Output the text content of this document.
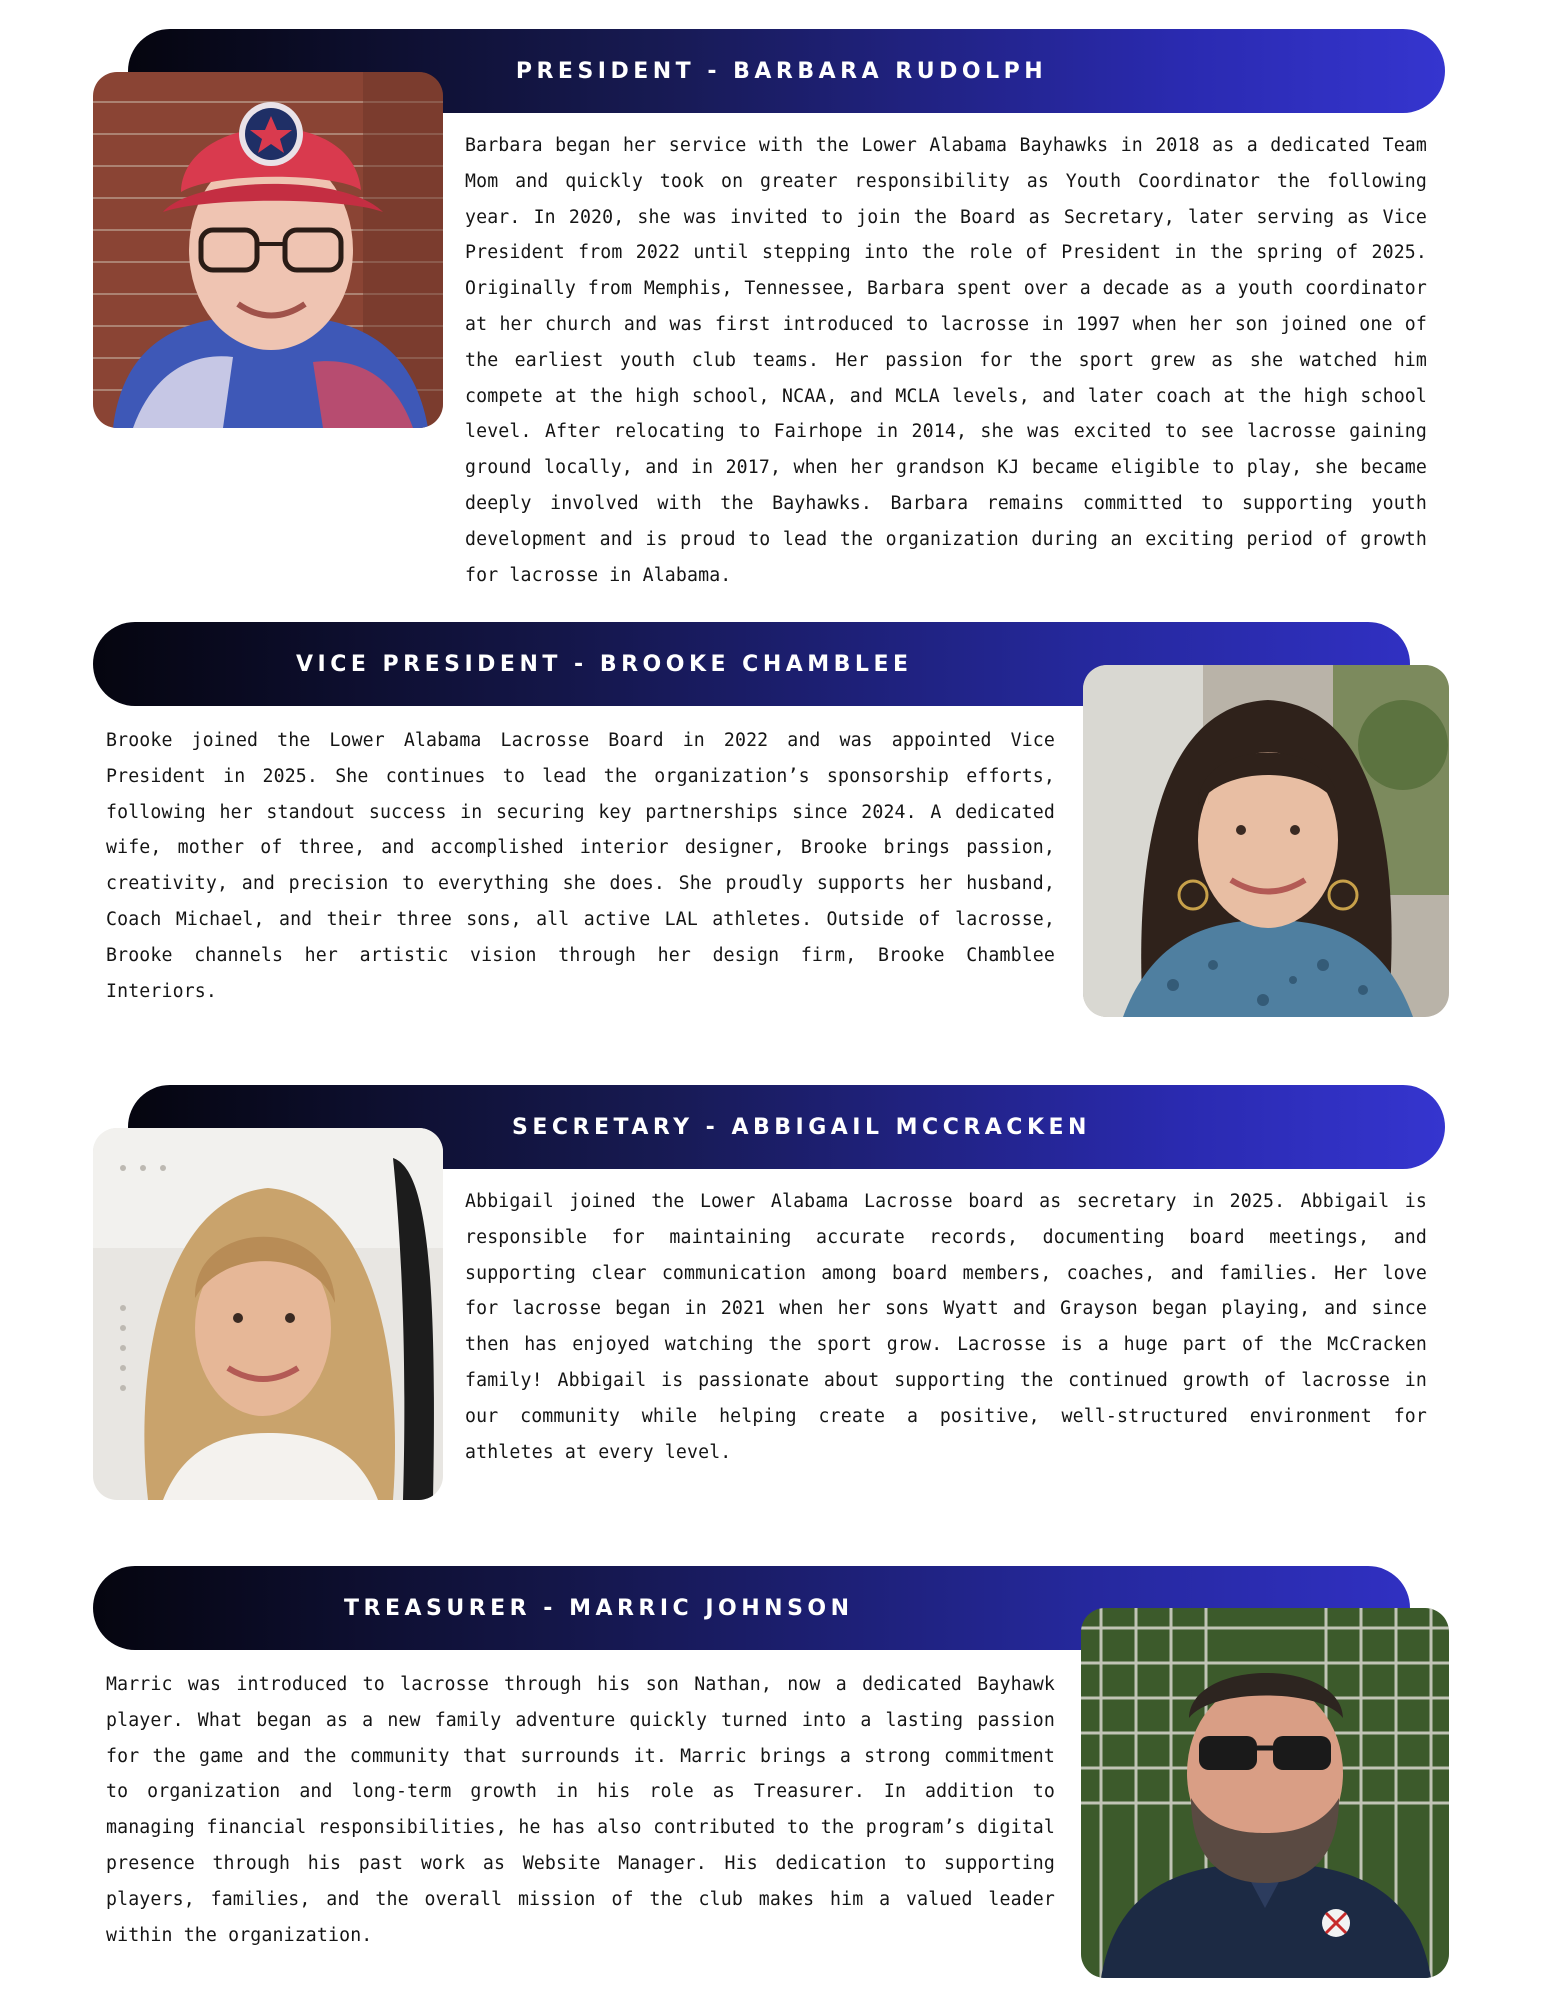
PRESIDENT - BARBARA RUDOLPH

Barbara began her service with the Lower Alabama Bayhawks in 2018 as a dedicated Team Mom and quickly took on greater responsibility as Youth Coordinator the following year. In 2020, she was invited to join the Board as Secretary, later serving as Vice President from 2022 until stepping into the role of President in the spring of 2025. Originally from Memphis, Tennessee, Barbara spent over a decade as a youth coordinator at her church and was first introduced to lacrosse in 1997 when her son joined one of the earliest youth club teams. Her passion for the sport grew as she watched him compete at the high school, NCAA, and MCLA levels, and later coach at the high school level. After relocating to Fairhope in 2014, she was excited to see lacrosse gaining ground locally, and in 2017, when her grandson KJ became eligible to play, she became deeply involved with the Bayhawks. Barbara remains committed to supporting youth development and is proud to lead the organization during an exciting period of growth for lacrosse in Alabama.

VICE PRESIDENT - BROOKE CHAMBLEE

Brooke joined the Lower Alabama Lacrosse Board in 2022 and was appointed Vice President in 2025. She continues to lead the organization’s sponsorship efforts, following her standout success in securing key partnerships since 2024. A dedicated wife, mother of three, and accomplished interior designer, Brooke brings passion, creativity, and precision to everything she does. She proudly supports her husband, Coach Michael, and their three sons, all active LAL athletes. Outside of lacrosse, Brooke channels her artistic vision through her design firm, Brooke Chamblee Interiors.

SECRETARY - ABBIGAIL MCCRACKEN

Abbigail joined the Lower Alabama Lacrosse board as secretary in 2025. Abbigail is responsible for maintaining accurate records, documenting board meetings, and supporting clear communication among board members, coaches, and families. Her love for lacrosse began in 2021 when her sons Wyatt and Grayson began playing, and since then has enjoyed watching the sport grow. Lacrosse is a huge part of the McCracken family! Abbigail is passionate about supporting the continued growth of lacrosse in our community while helping create a positive, well-structured environment for athletes at every level.

TREASURER - MARRIC JOHNSON

Marric was introduced to lacrosse through his son Nathan, now a dedicated Bayhawk player. What began as a new family adventure quickly turned into a lasting passion for the game and the community that surrounds it. Marric brings a strong commitment to organization and long-term growth in his role as Treasurer. In addition to managing financial responsibilities, he has also contributed to the program’s digital presence through his past work as Website Manager. His dedication to supporting players, families, and the overall mission of the club makes him a valued leader within the organization.
